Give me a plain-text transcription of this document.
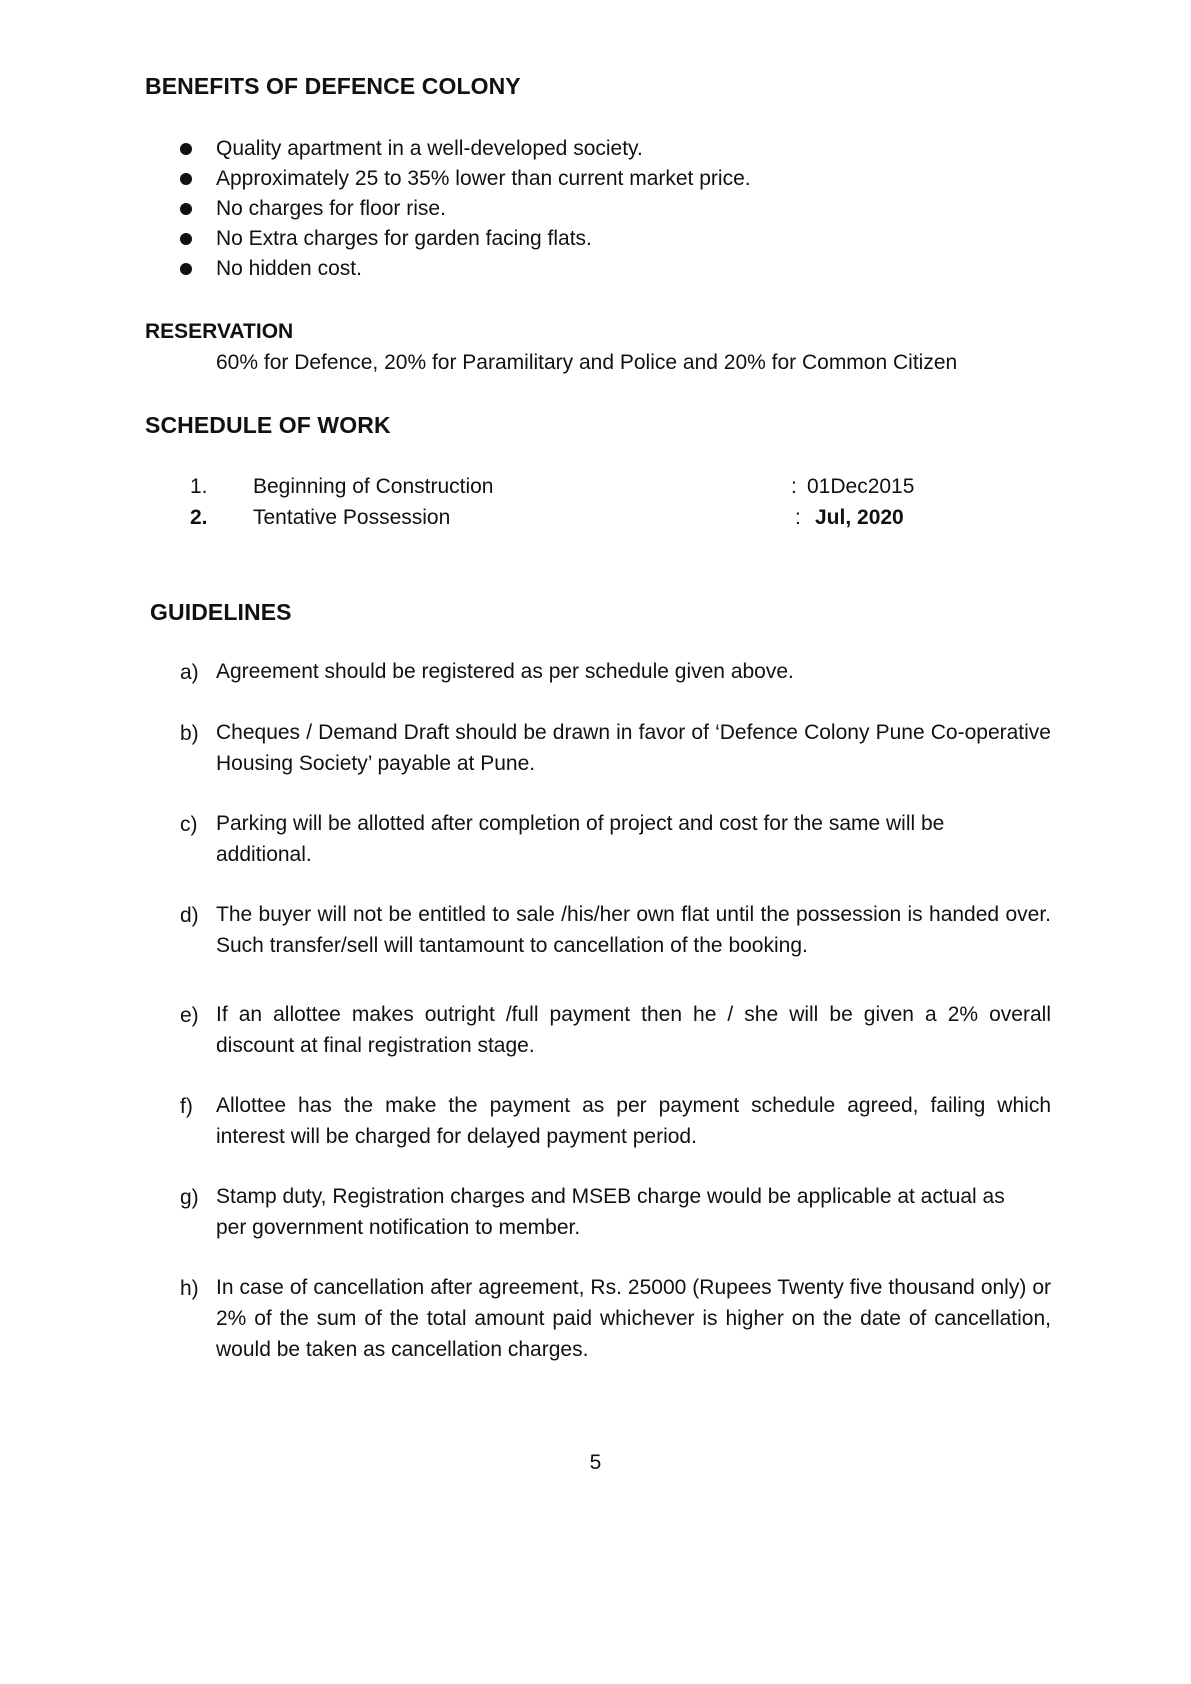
BENEFITS OF DEFENCE COLONY
Quality apartment in a well-developed society.
Approximately 25 to 35% lower than current market price.
No charges for floor rise.
No Extra charges for garden facing flats.
No hidden cost.
RESERVATION
60% for Defence, 20% for Paramilitary and Police and 20% for Common Citizen
SCHEDULE OF WORK
1. Beginning of Construction	: 01Dec2015
2. Tentative Possession	: Jul, 2020
GUIDELINES
a) Agreement should be registered as per schedule given above.
b) Cheques / Demand Draft should be drawn in favor of ‘Defence Colony Pune Co-operative Housing Society’ payable at Pune.
c) Parking will be allotted after completion of project and cost for the same will be additional.
d) The buyer will not be entitled to sale /his/her own flat until the possession is handed over. Such transfer/sell will tantamount to cancellation of the booking.
e) If an allottee makes outright /full payment then he / she will be given a 2% overall discount at final registration stage.
f) Allottee has the make the payment as per payment schedule agreed, failing which interest will be charged for delayed payment period.
g) Stamp duty, Registration charges and MSEB charge would be applicable at actual as per government notification to member.
h) In case of cancellation after agreement, Rs. 25000 (Rupees Twenty five thousand only) or 2% of the sum of the total amount paid whichever is higher on the date of cancellation, would be taken as cancellation charges.
5
